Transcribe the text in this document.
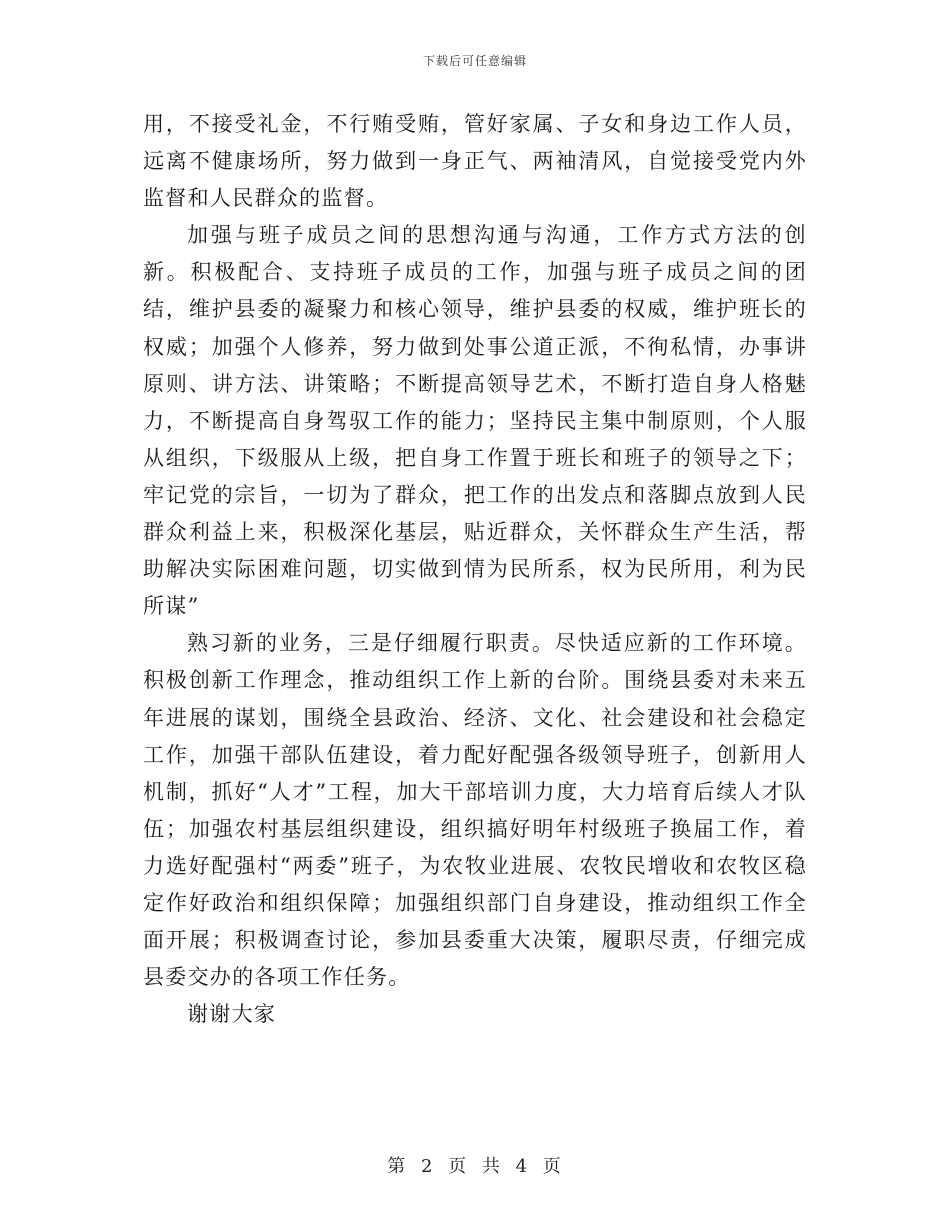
下载后可任意编辑

用，不接受礼金，不行贿受贿，管好家属、子女和身边工作人员，远离不健康场所，努力做到一身正气、两袖清风，自觉接受党内外监督和人民群众的监督。

加强与班子成员之间的思想沟通与沟通，工作方式方法的创新。积极配合、支持班子成员的工作，加强与班子成员之间的团结，维护县委的凝聚力和核心领导，维护县委的权威，维护班长的权威；加强个人修养，努力做到处事公道正派，不徇私情，办事讲原则、讲方法、讲策略；不断提高领导艺术，不断打造自身人格魅力，不断提高自身驾驭工作的能力；坚持民主集中制原则，个人服从组织，下级服从上级，把自身工作置于班长和班子的领导之下；牢记党的宗旨，一切为了群众，把工作的出发点和落脚点放到人民群众利益上来，积极深化基层，贴近群众，关怀群众生产生活，帮助解决实际困难问题，切实做到情为民所系，权为民所用，利为民所谋”

熟习新的业务，三是仔细履行职责。尽快适应新的工作环境。积极创新工作理念，推动组织工作上新的台阶。围绕县委对未来五年进展的谋划，围绕全县政治、经济、文化、社会建设和社会稳定工作，加强干部队伍建设，着力配好配强各级领导班子，创新用人机制，抓好“人才”工程，加大干部培训力度，大力培育后续人才队伍；加强农村基层组织建设，组织搞好明年村级班子换届工作，着力选好配强村“两委”班子，为农牧业进展、农牧民增收和农牧区稳定作好政治和组织保障；加强组织部门自身建设，推动组织工作全面开展；积极调查讨论，参加县委重大决策，履职尽责，仔细完成县委交办的各项工作任务。

谢谢大家

第 2 页 共 4 页
